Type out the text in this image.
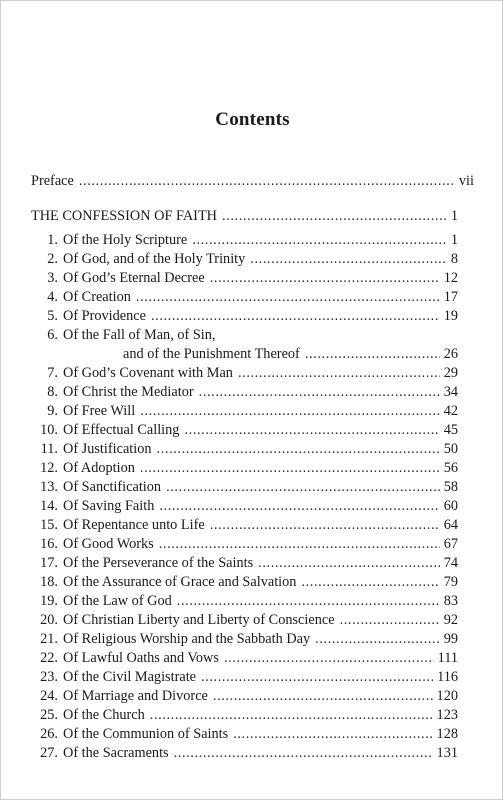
Contents
Preface .....	vii
THE CONFESSION OF FAITH .....	1
1. Of the Holy Scripture .....	1
2. Of God, and of the Holy Trinity .....	8
3. Of God’s Eternal Decree .....	12
4. Of Creation .....	17
5. Of Providence .....	19
6. Of the Fall of Man, of Sin,
and of the Punishment Thereof .....	26
7. Of God’s Covenant with Man .....	29
8. Of Christ the Mediator .....	34
9. Of Free Will .....	42
10. Of Effectual Calling .....	45
11. Of Justification .....	50
12. Of Adoption .....	56
13. Of Sanctification .....	58
14. Of Saving Faith .....	60
15. Of Repentance unto Life .....	64
16. Of Good Works .....	67
17. Of the Perseverance of the Saints .....	74
18. Of the Assurance of Grace and Salvation .....	79
19. Of the Law of God .....	83
20. Of Christian Liberty and Liberty of Conscience .....	92
21. Of Religious Worship and the Sabbath Day .....	99
22. Of Lawful Oaths and Vows .....	111
23. Of the Civil Magistrate .....	116
24. Of Marriage and Divorce .....	120
25. Of the Church .....	123
26. Of the Communion of Saints .....	128
27. Of the Sacraments .....	131
